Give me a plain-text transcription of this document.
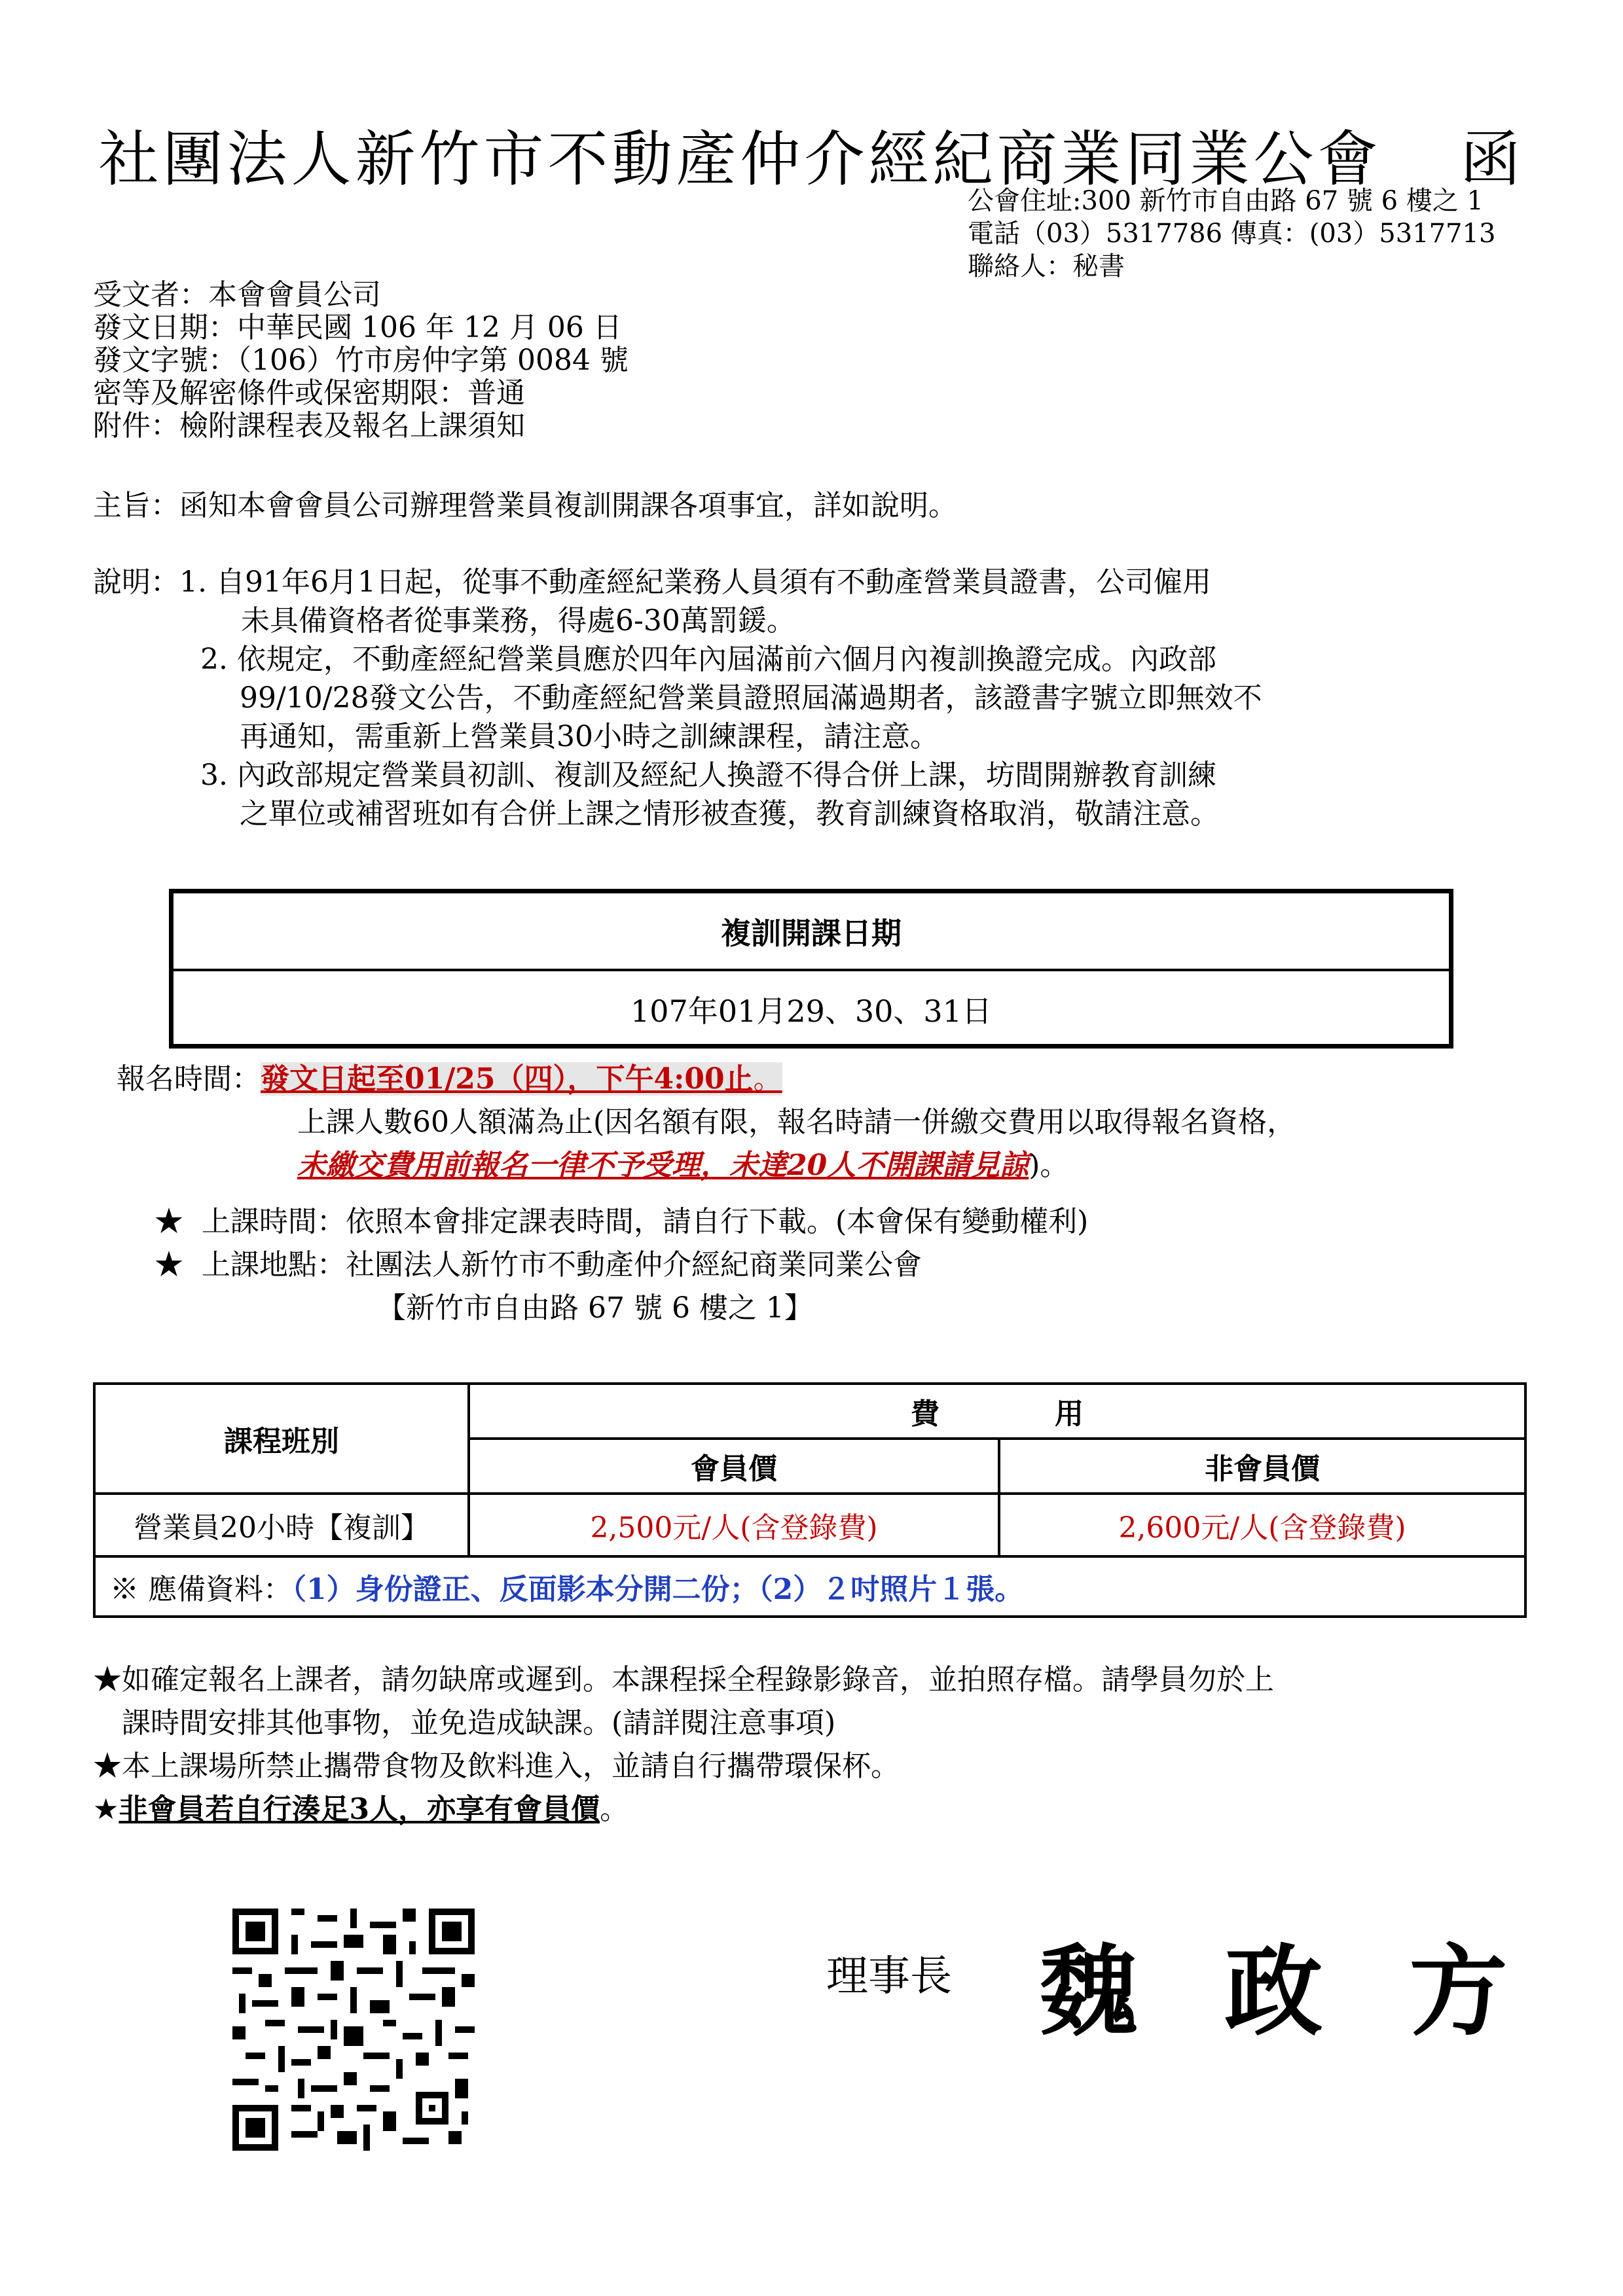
社團法人新竹市不動產仲介經紀商業同業公會 函
公會住址:300 新竹市自由路 67 號 6 樓之 1
電話（03）5317786 傳真：(03）5317713
聯絡人：秘書
受文者：本會會員公司
發文日期：中華民國 106 年 12 月 06 日
發文字號：（106）竹市房仲字第 0084 號
密等及解密條件或保密期限：普通
附件：檢附課程表及報名上課須知
主旨：函知本會會員公司辦理營業員複訓開課各項事宜，詳如說明。
說明：1. 自91年6月1日起，從事不動產經紀業務人員須有不動產營業員證書，公司僱用
未具備資格者從事業務，得處6-30萬罰鍰。
2. 依規定，不動產經紀營業員應於四年內屆滿前六個月內複訓換證完成。內政部
99/10/28發文公告，不動產經紀營業員證照屆滿過期者，該證書字號立即無效不
再通知，需重新上營業員30小時之訓練課程，請注意。
3. 內政部規定營業員初訓、複訓及經紀人換證不得合併上課，坊間開辦教育訓練
之單位或補習班如有合併上課之情形被查獲，教育訓練資格取消，敬請注意。
複訓開課日期
107年01月29、30、31日
報名時間：發文日起至01/25（四），下午4:00止。
上課人數60人額滿為止(因名額有限，報名時請一併繳交費用以取得報名資格，
未繳交費用前報名一律不予受理，未達20人不開課請見諒)。
★ 上課時間：依照本會排定課表時間，請自行下載。(本會保有變動權利)
★ 上課地點：社團法人新竹市不動產仲介經紀商業同業公會
【新竹市自由路 67 號 6 樓之 1】
課程班別	費　　　　用	
	會員價	非會員價
營業員20小時【複訓】	2,500元/人(含登錄費)	2,600元/人(含登錄費)
※ 應備資料：（1）身份證正、反面影本分開二份；（2）２吋照片１張。		
★如確定報名上課者，請勿缺席或遲到。本課程採全程錄影錄音，並拍照存檔。請學員勿於上
課時間安排其他事物，並免造成缺課。(請詳閱注意事項)
★本上課場所禁止攜帶食物及飲料進入，並請自行攜帶環保杯。
★非會員若自行湊足3人，亦享有會員價。
理事長 魏 政 方
